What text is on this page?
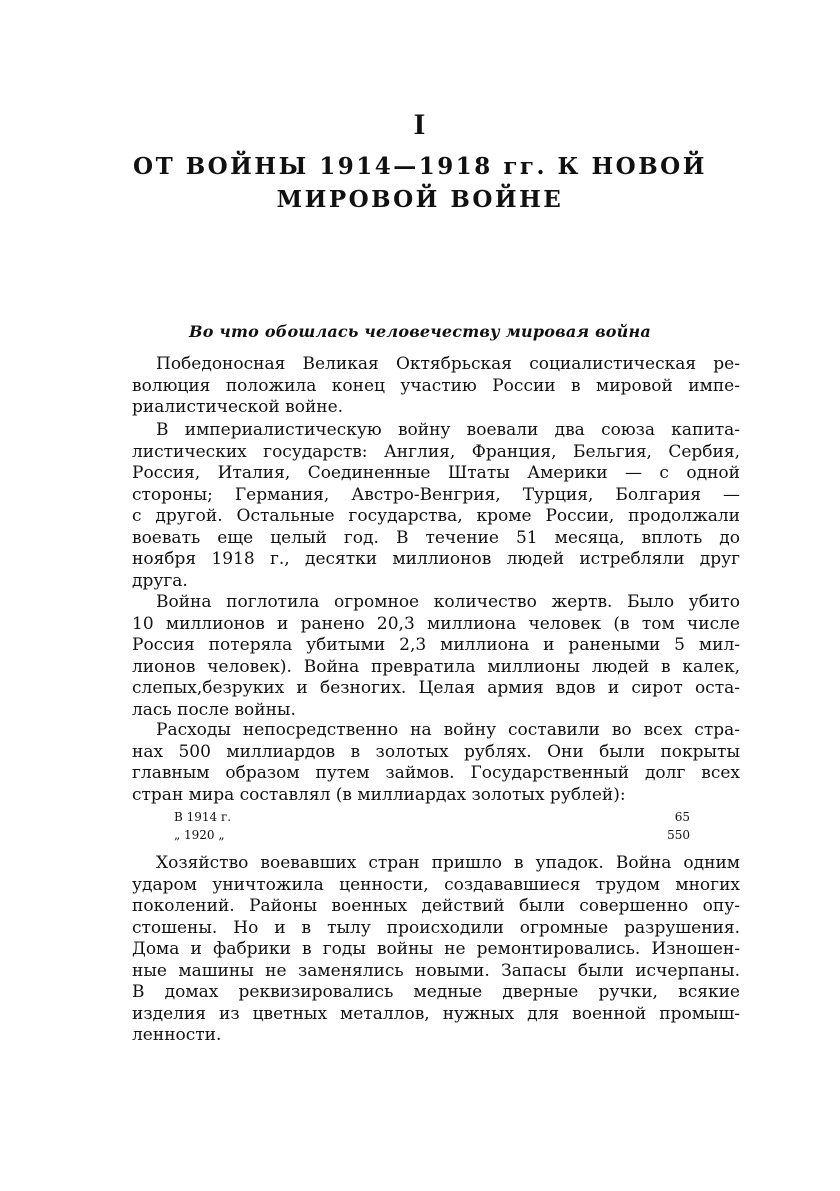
I
ОТ ВОЙНЫ 1914—1918 гг. К НОВОЙ
МИРОВОЙ ВОЙНЕ
Во что обошлась человечеству мировая война
Победоносная Великая Октябрьская социалистическая ре-
волюция положила конец участию России в мировой импе-
риалистической войне.
В империалистическую войну воевали два союза капита-
листических государств: Англия, Франция, Бельгия, Сербия,
Россия, Италия, Соединенные Штаты Америки — с одной
стороны; Германия, Австро-Венгрия, Турция, Болгария —
с другой. Остальные государства, кроме России, продолжали
воевать еще целый год. В течение 51 месяца, вплоть до
ноября 1918 г., десятки миллионов людей истребляли друг
друга.
Война поглотила огромное количество жертв. Было убито
10 миллионов и ранено 20,3 миллиона человек (в том числе
Россия потеряла убитыми 2,3 миллиона и ранеными 5 мил-
лионов человек). Война превратила миллионы людей в калек,
слепых,безруких и безногих. Целая армия вдов и сирот оста-
лась после войны.
Расходы непосредственно на войну составили во всех стра-
нах 500 миллиардов в золотых рублях. Они были покрыты
главным образом путем займов. Государственный долг всех
стран мира составлял (в миллиардах золотых рублей):
В 1914 г.	65
„ 1920 „	550
Хозяйство воевавших стран пришло в упадок. Война одним
ударом уничтожила ценности, создававшиеся трудом многих
поколений. Районы военных действий были совершенно опу-
стошены. Но и в тылу происходили огромные разрушения.
Дома и фабрики в годы войны не ремонтировались. Изношен-
ные машины не заменялись новыми. Запасы были исчерпаны.
В домах реквизировались медные дверные ручки, всякие
изделия из цветных металлов, нужных для военной промыш-
ленности.
